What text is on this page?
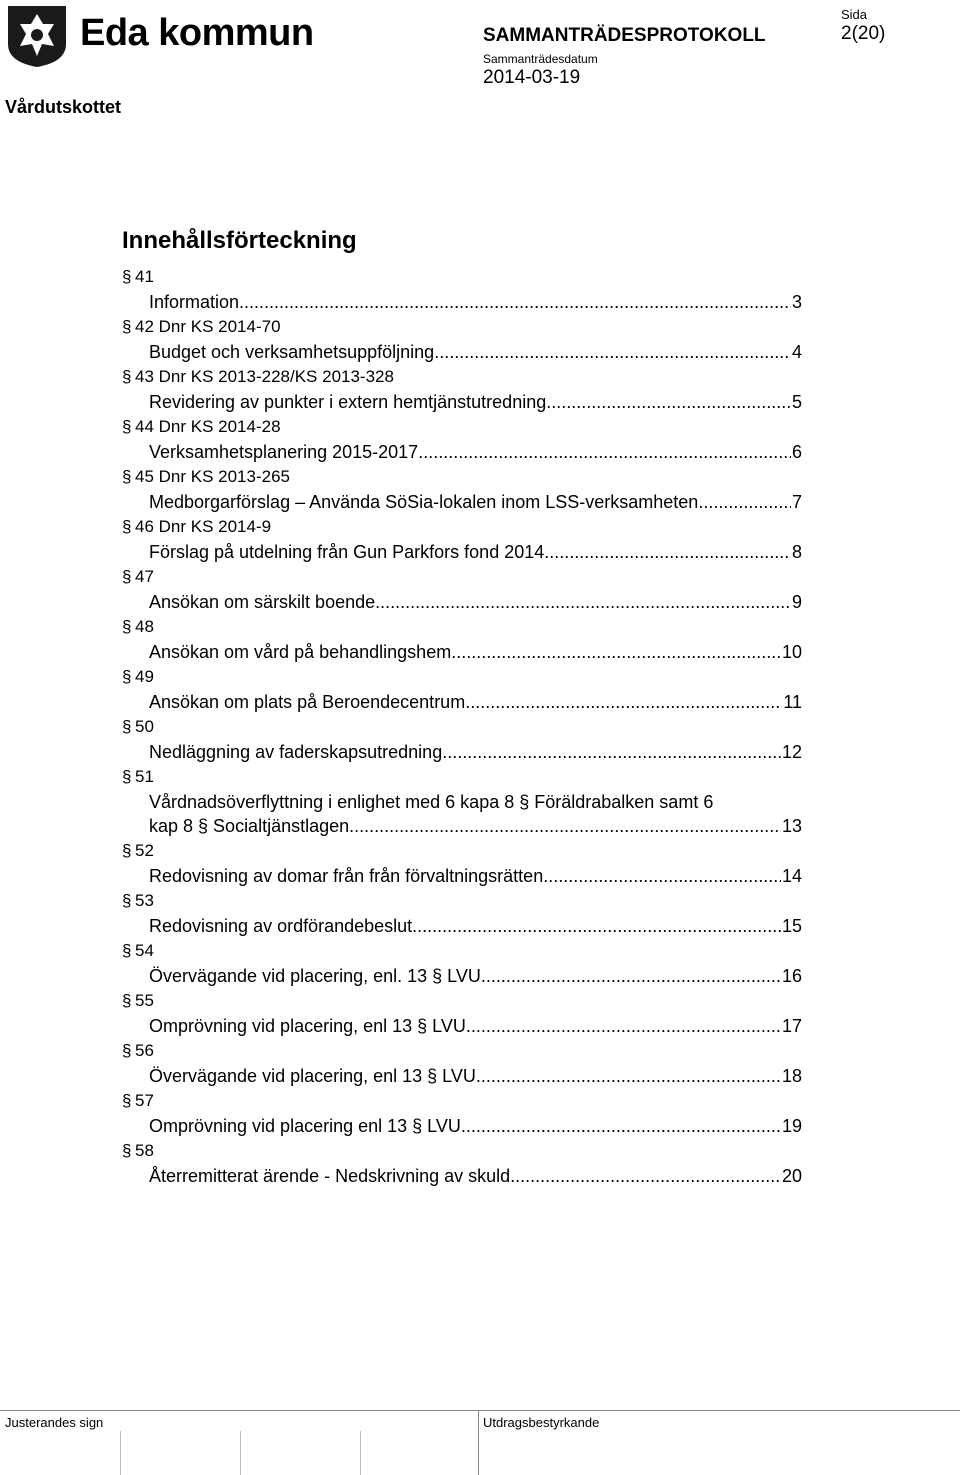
Eda kommun
Vårdutskottet
SAMMANTRÄDESPROTOKOLL
Sammanträdesdatum
2014-03-19
Sida
2(20)
Innehållsförteckning
§ 41
Information .....	3
§ 42 Dnr KS 2014-70
Budget och verksamhetsuppföljning .....	4
§ 43 Dnr KS 2013-228/KS 2013-328
Revidering av punkter i extern hemtjänstutredning .....	5
§ 44 Dnr KS 2014-28
Verksamhetsplanering 2015-2017 .....	6
§ 45 Dnr KS 2013-265
Medborgarförslag – Använda SöSia-lokalen inom LSS-verksamheten .....	7
§ 46 Dnr KS 2014-9
Förslag på utdelning från Gun Parkfors fond 2014 .....	8
§ 47
Ansökan om särskilt boende .....	9
§ 48
Ansökan om vård på behandlingshem .....	10
§ 49
Ansökan om plats på Beroendecentrum .....	11
§ 50
Nedläggning av faderskapsutredning .....	12
§ 51
Vårdnadsöverflyttning i enlighet med 6 kapa 8 § Föräldrabalken samt 6
kap 8 § Socialtjänstlagen .....	13
§ 52
Redovisning av domar från från förvaltningsrätten .....	14
§ 53
Redovisning av ordförandebeslut .....	15
§ 54
Övervägande vid placering, enl. 13 § LVU .....	16
§ 55
Omprövning vid placering, enl 13 § LVU .....	17
§ 56
Övervägande vid placering, enl 13 § LVU .....	18
§ 57
Omprövning vid placering enl 13 § LVU .....	19
§ 58
Återremitterat ärende - Nedskrivning av skuld .....	20
Justerandes sign	Utdragsbestyrkande
